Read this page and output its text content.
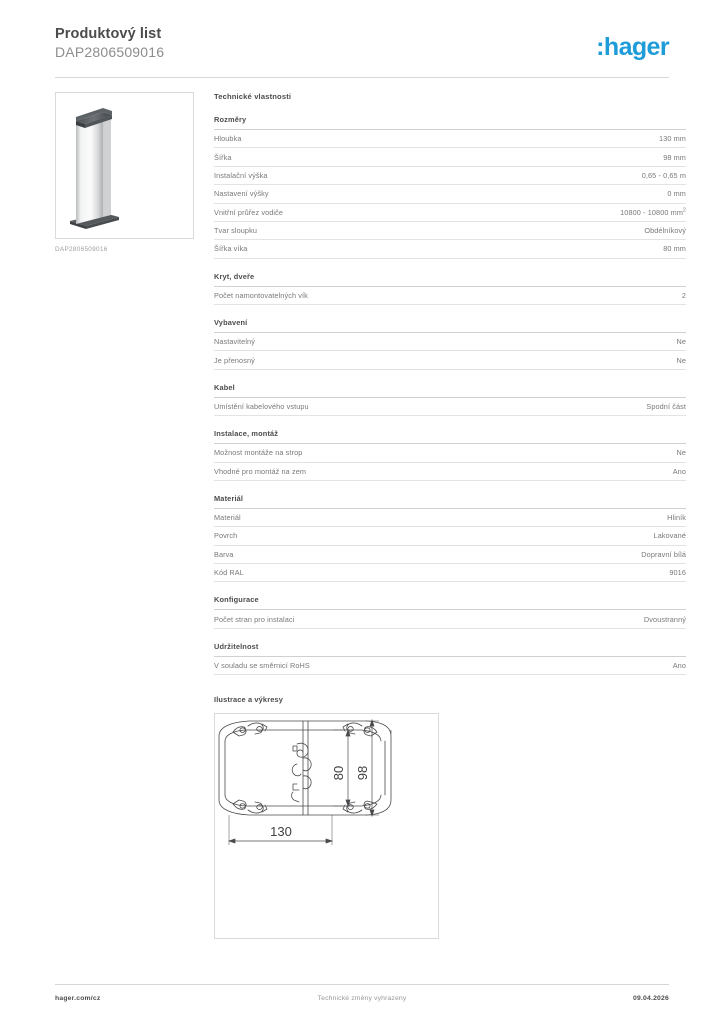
Produktový list
DAP2806509016	:hager
DAP2806509016
Technické vlastnosti
Rozměry
Hloubka	130 mm
Šířka	98 mm
Instalační výška	0,65 - 0,65 m
Nastavení výšky	0 mm
Vnitřní průřez vodiče	10800 - 10800 $mm^2$
Tvar sloupku	Obdélníkový
Šířka víka	80 mm
Kryt, dveře
Počet namontovatelných vík	2
Vybavení
Nastavitelný	Ne
Je přenosný	Ne
Kabel
Umístění kabelového vstupu	Spodní část
Instalace, montáž
Možnost montáže na strop	Ne
Vhodné pro montáž na zem	Ano
Materiál
Materiál	Hliník
Povrch	Lakované
Barva	Dopravní bílá
Kód RAL	9016
Konfigurace
Počet stran pro instalaci	Dvoustranný
Udržitelnost
V souladu se směrnicí RoHS	Ano
Ilustrace a výkresy
80 98
130
hager.com/cz	Technické změny vyhrazeny	09.04.2026
